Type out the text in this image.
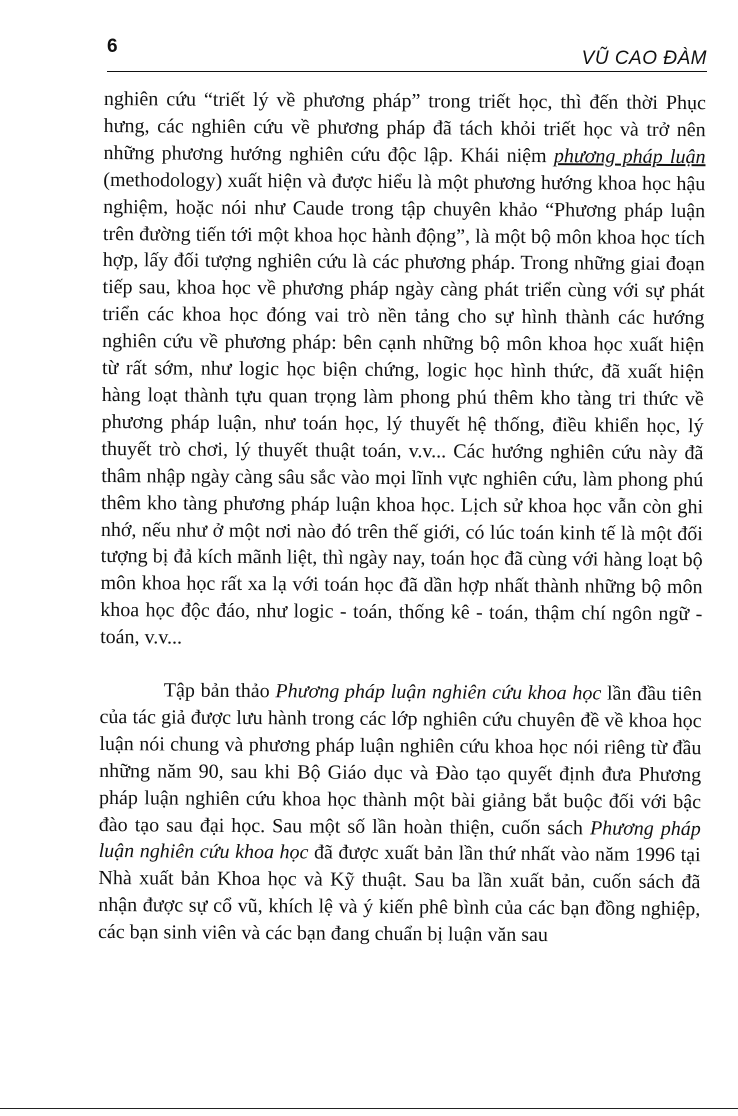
6
VŨ CAO ĐÀM

nghiên cứu “triết lý về phương pháp” trong triết học, thì đến thời Phục hưng, các nghiên cứu về phương pháp đã tách khỏi triết học và trở nên những phương hướng nghiên cứu độc lập. Khái niệm phương pháp luận (methodology) xuất hiện và được hiểu là một phương hướng khoa học hậu nghiệm, hoặc nói như Caude trong tập chuyên khảo “Phương pháp luận trên đường tiến tới một khoa học hành động”, là một bộ môn khoa học tích hợp, lấy đối tượng nghiên cứu là các phương pháp. Trong những giai đoạn tiếp sau, khoa học về phương pháp ngày càng phát triển cùng với sự phát triển các khoa học đóng vai trò nền tảng cho sự hình thành các hướng nghiên cứu về phương pháp: bên cạnh những bộ môn khoa học xuất hiện từ rất sớm, như logic học biện chứng, logic học hình thức, đã xuất hiện hàng loạt thành tựu quan trọng làm phong phú thêm kho tàng tri thức về phương pháp luận, như toán học, lý thuyết hệ thống, điều khiển học, lý thuyết trò chơi, lý thuyết thuật toán, v.v... Các hướng nghiên cứu này đã thâm nhập ngày càng sâu sắc vào mọi lĩnh vực nghiên cứu, làm phong phú thêm kho tàng phương pháp luận khoa học. Lịch sử khoa học vẫn còn ghi nhớ, nếu như ở một nơi nào đó trên thế giới, có lúc toán kinh tế là một đối tượng bị đả kích mãnh liệt, thì ngày nay, toán học đã cùng với hàng loạt bộ môn khoa học rất xa lạ với toán học đã dần hợp nhất thành những bộ môn khoa học độc đáo, như logic - toán, thống kê - toán, thậm chí ngôn ngữ - toán, v.v...

Tập bản thảo Phương pháp luận nghiên cứu khoa học lần đầu tiên của tác giả được lưu hành trong các lớp nghiên cứu chuyên đề về khoa học luận nói chung và phương pháp luận nghiên cứu khoa học nói riêng từ đầu những năm 90, sau khi Bộ Giáo dục và Đào tạo quyết định đưa Phương pháp luận nghiên cứu khoa học thành một bài giảng bắt buộc đối với bậc đào tạo sau đại học. Sau một số lần hoàn thiện, cuốn sách Phương pháp luận nghiên cứu khoa học đã được xuất bản lần thứ nhất vào năm 1996 tại Nhà xuất bản Khoa học và Kỹ thuật. Sau ba lần xuất bản, cuốn sách đã nhận được sự cổ vũ, khích lệ và ý kiến phê bình của các bạn đồng nghiệp, các bạn sinh viên và các bạn đang chuẩn bị luận văn sau
